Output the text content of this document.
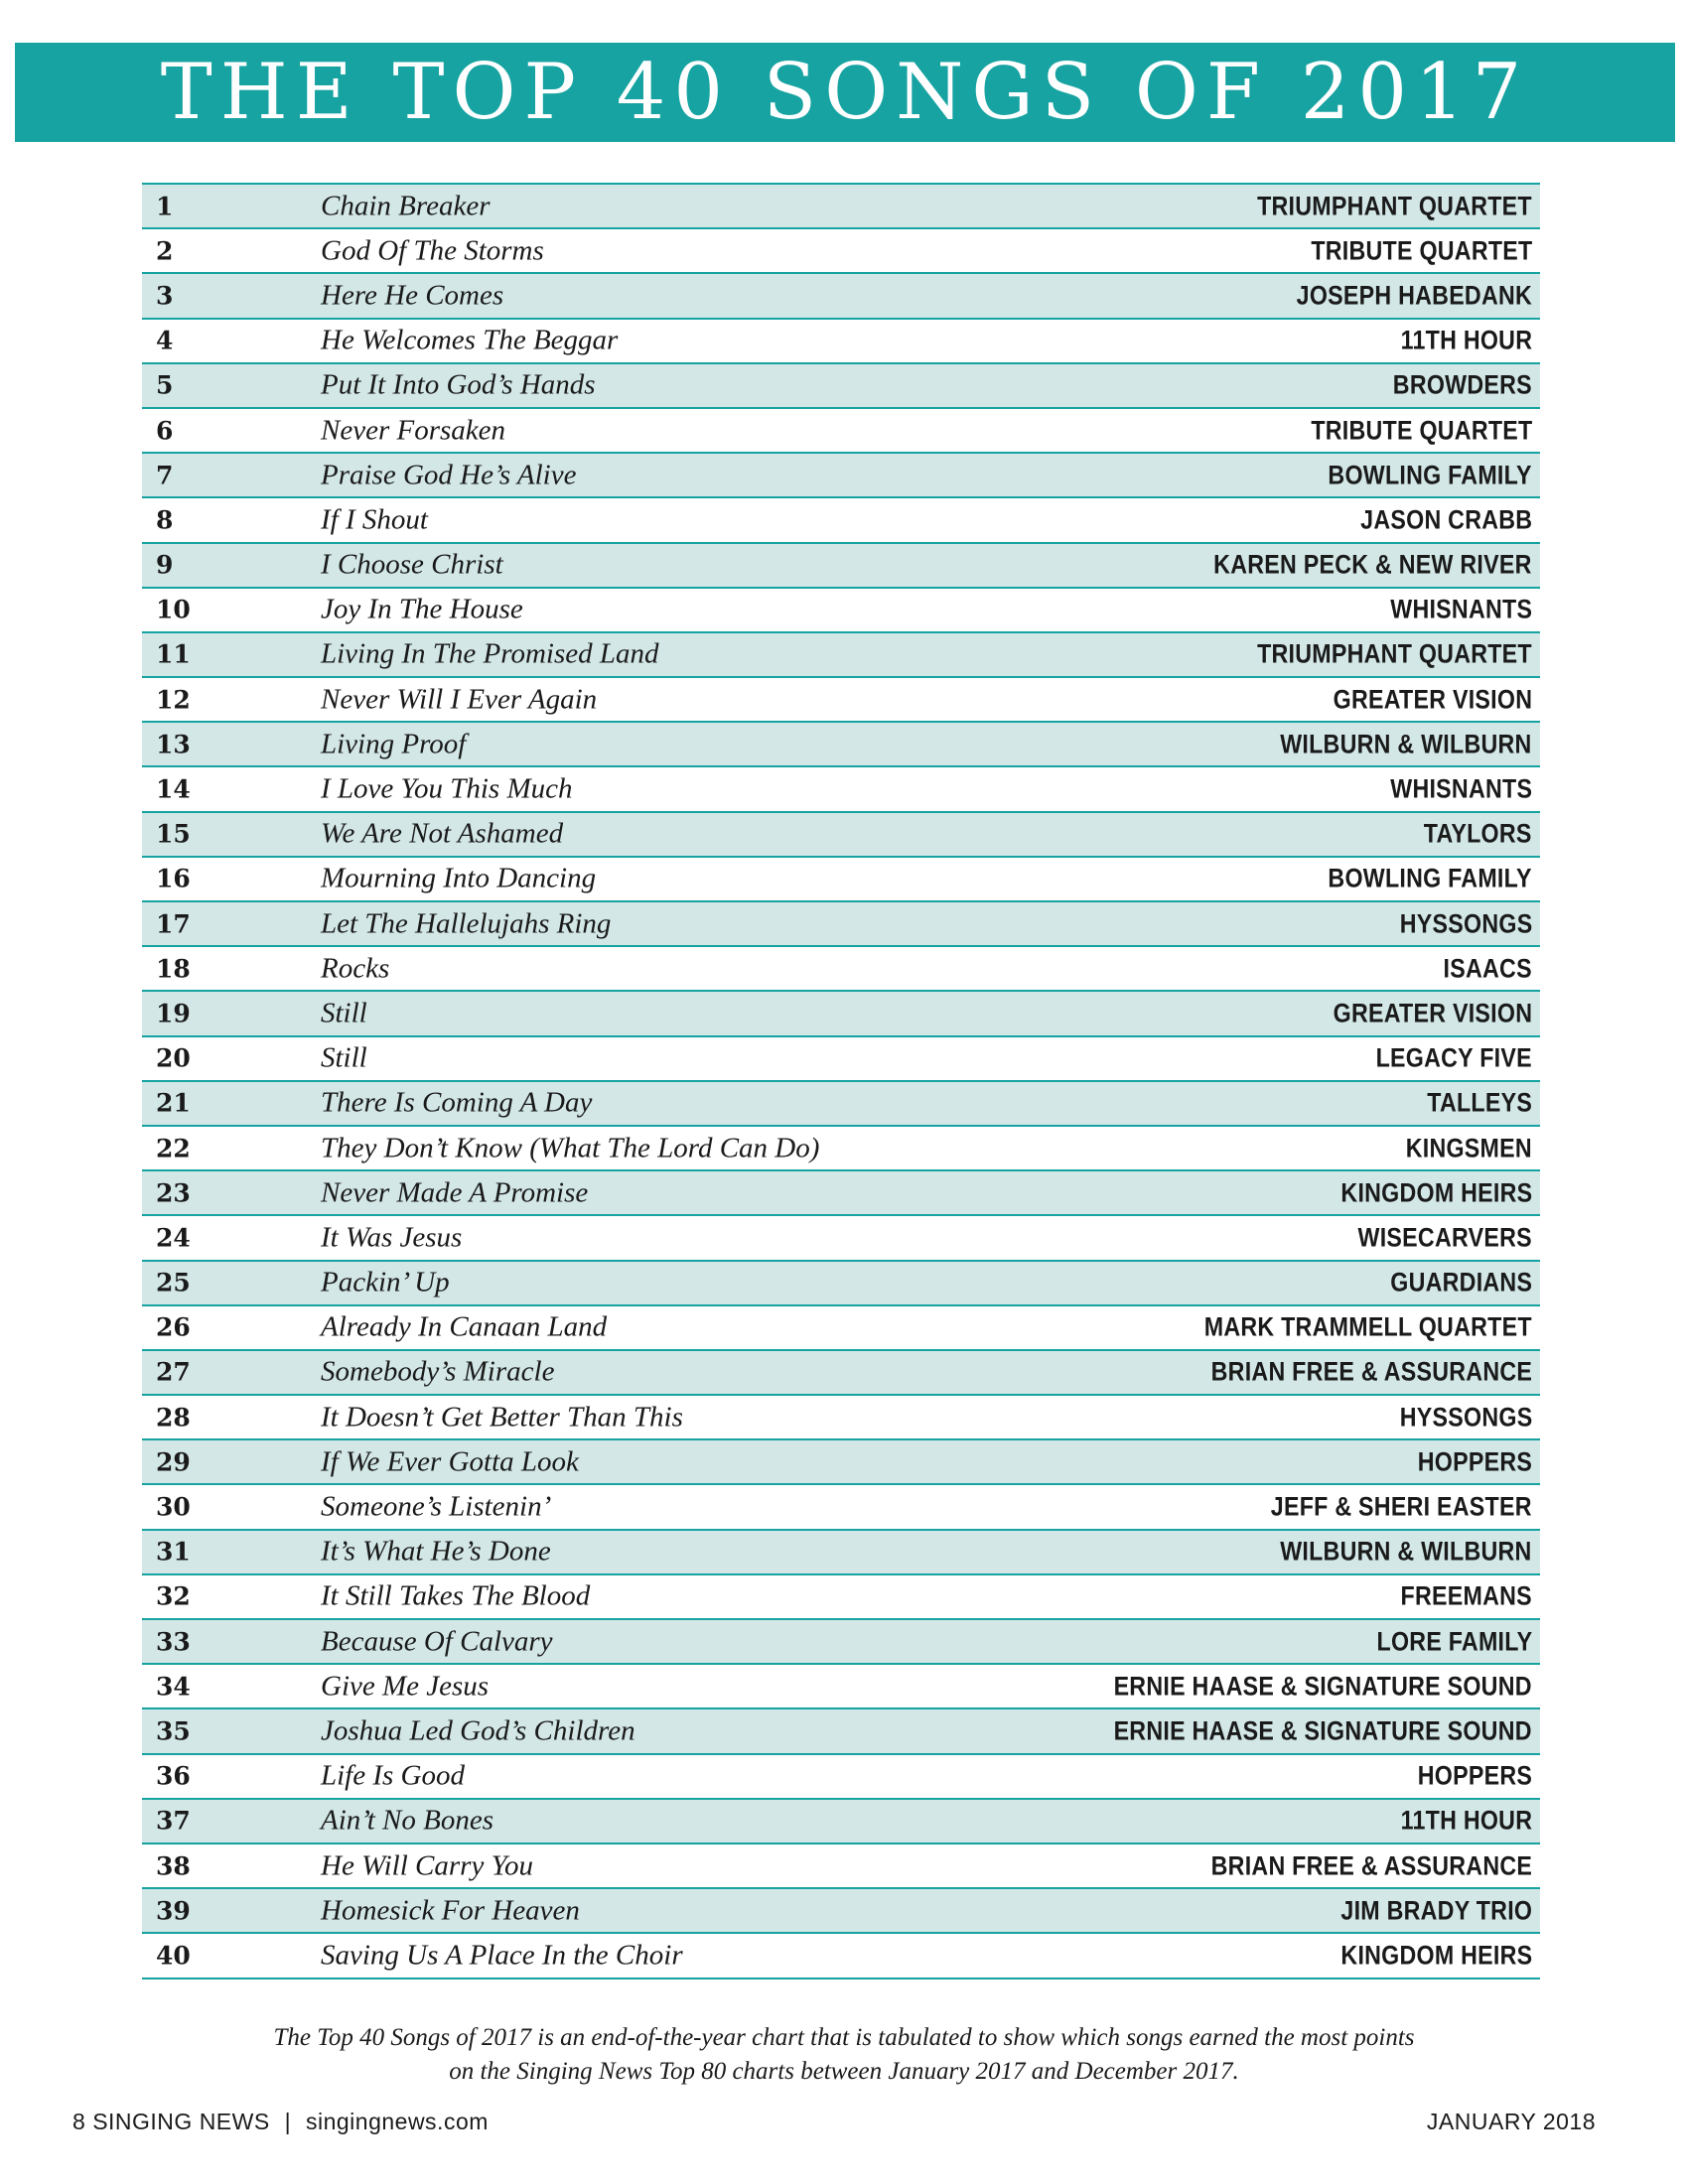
THE TOP 40 SONGS OF 2017
1	Chain Breaker	TRIUMPHANT QUARTET
2	God Of The Storms	TRIBUTE QUARTET
3	Here He Comes	JOSEPH HABEDANK
4	He Welcomes The Beggar	11TH HOUR
5	Put It Into God’s Hands	BROWDERS
6	Never Forsaken	TRIBUTE QUARTET
7	Praise God He’s Alive	BOWLING FAMILY
8	If I Shout	JASON CRABB
9	I Choose Christ	KAREN PECK & NEW RIVER
10	Joy In The House	WHISNANTS
11	Living In The Promised Land	TRIUMPHANT QUARTET
12	Never Will I Ever Again	GREATER VISION
13	Living Proof	WILBURN & WILBURN
14	I Love You This Much	WHISNANTS
15	We Are Not Ashamed	TAYLORS
16	Mourning Into Dancing	BOWLING FAMILY
17	Let The Hallelujahs Ring	HYSSONGS
18	Rocks	ISAACS
19	Still	GREATER VISION
20	Still	LEGACY FIVE
21	There Is Coming A Day	TALLEYS
22	They Don’t Know (What The Lord Can Do)	KINGSMEN
23	Never Made A Promise	KINGDOM HEIRS
24	It Was Jesus	WISECARVERS
25	Packin’ Up	GUARDIANS
26	Already In Canaan Land	MARK TRAMMELL QUARTET
27	Somebody’s Miracle	BRIAN FREE & ASSURANCE
28	It Doesn’t Get Better Than This	HYSSONGS
29	If We Ever Gotta Look	HOPPERS
30	Someone’s Listenin’	JEFF & SHERI EASTER
31	It’s What He’s Done	WILBURN & WILBURN
32	It Still Takes The Blood	FREEMANS
33	Because Of Calvary	LORE FAMILY
34	Give Me Jesus	ERNIE HAASE & SIGNATURE SOUND
35	Joshua Led God’s Children	ERNIE HAASE & SIGNATURE SOUND
36	Life Is Good	HOPPERS
37	Ain’t No Bones	11TH HOUR
38	He Will Carry You	BRIAN FREE & ASSURANCE
39	Homesick For Heaven	JIM BRADY TRIO
40	Saving Us A Place In the Choir	KINGDOM HEIRS
The Top 40 Songs of 2017 is an end-of-the-year chart that is tabulated to show which songs earned the most points
on the Singing News Top 80 charts between January 2017 and December 2017.
8 SINGING NEWS | singingnews.com	JANUARY 2018
